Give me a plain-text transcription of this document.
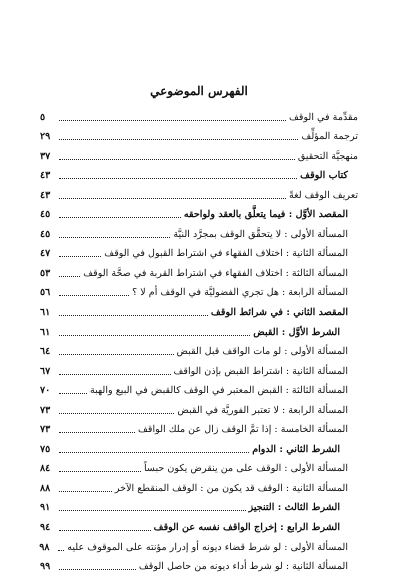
الفهرس الموضوعي
مقدِّمة في الوقف
٥
ترجمة المؤلِّف
٢٩
منهجيَّة التحقيق
٣٧
كتاب الوقف
٤٣
تعريف الوقف لغةً
٤٣
المقصد الأوَّل : فيما يتعلَّق بالعقد ولواحقه
٤٥
المسألة الأولى : لا يتحقَّق الوقف بمجرَّد النيَّة
٤٥
المسألة الثانية : اختلاف الفقهاء في اشتراط القبول في الوقف
٤٧
المسألة الثالثة : اختلاف الفقهاء في اشتراط القربة في صحَّة الوقف
٥٣
المسألة الرابعة : هل تجري الفضوليَّة في الوقف أم لا ؟
٥٦
المقصد الثاني : في شرائط الوقف
٦١
الشرط الأوَّل : القبض
٦١
المسألة الأولى : لو مات الواقف قبل القبض
٦٤
المسألة الثانية : اشتراط القبض بإذن الواقف
٦٧
المسألة الثالثة : القبض المعتبر في الوقف كالقبض في البيع والهبة
٧٠
المسألة الرابعة : لا تعتبر الفوريَّة في القبض
٧٣
المسألة الخامسة : إذا تمَّ الوقف زال عن ملك الواقف
٧٣
الشرط الثاني : الدوام
٧٥
المسألة الأولى : الوقف على من ينقرض يكون حبساً
٨٤
المسألة الثانية : الوقف قد يكون من : الوقف المنقطع الآخر
٨٨
الشرط الثالث : التنجيز
٩١
الشرط الرابع : إخراج الواقف نفسه عن الوقف
٩٤
المسألة الأولى : لو شرط قضاء ديونه أو إدرار مؤنته على الموقوف عليه
٩٨
المسألة الثانية : لو شرط أداء ديونه من حاصل الوقف
٩٩
